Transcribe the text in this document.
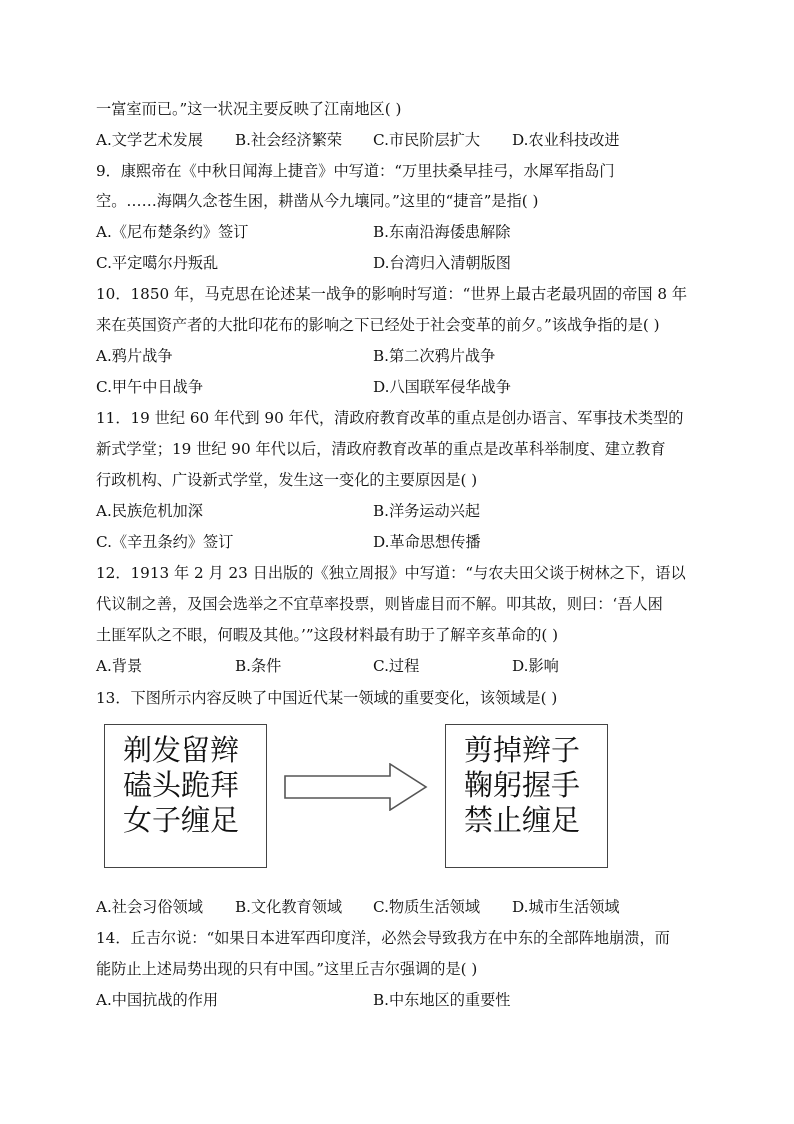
一富室而已。”这一状况主要反映了江南地区( )
A.文学艺术发展 B.社会经济繁荣 C.市民阶层扩大 D.农业科技改进
9．康熙帝在《中秋日闻海上捷音》中写道：“万里扶桑早挂弓，水犀军指岛门
空。……海隅久念苍生困，耕凿从今九壤同。”这里的“捷音”是指( )
A.《尼布楚条约》签订	B.东南沿海倭患解除
C.平定噶尔丹叛乱	D.台湾归入清朝版图
10．1850 年，马克思在论述某一战争的影响时写道：“世界上最古老最巩固的帝国 8 年
来在英国资产者的大批印花布的影响之下已经处于社会变革的前夕。”该战争指的是( )
A.鸦片战争	B.第二次鸦片战争
C.甲午中日战争	D.八国联军侵华战争
11．19 世纪 60 年代到 90 年代，清政府教育改革的重点是创办语言、军事技术类型的
新式学堂；19 世纪 90 年代以后，清政府教育改革的重点是改革科举制度、建立教育
行政机构、广设新式学堂，发生这一变化的主要原因是( )
A.民族危机加深	B.洋务运动兴起
C.《辛丑条约》签订	D.革命思想传播
12．1913 年 2 月 23 日出版的《独立周报》中写道：“与农夫田父谈于树林之下，语以
代议制之善，及国会选举之不宜草率投票，则皆虚目而不解。叩其故，则曰：‘吾人困
土匪军队之不眼，何暇及其他。’”这段材料最有助于了解辛亥革命的( )
A.背景	B.条件	C.过程	D.影响
13．下图所示内容反映了中国近代某一领域的重要变化，该领域是( )
剃发留辫
磕头跪拜
女子缠足
剪掉辫子
鞠躬握手
禁止缠足
A.社会习俗领域 B.文化教育领域 C.物质生活领域 D.城市生活领域
14．丘吉尔说：“如果日本进军西印度洋，必然会导致我方在中东的全部阵地崩溃，而
能防止上述局势出现的只有中国。”这里丘吉尔强调的是( )
A.中国抗战的作用	B.中东地区的重要性
